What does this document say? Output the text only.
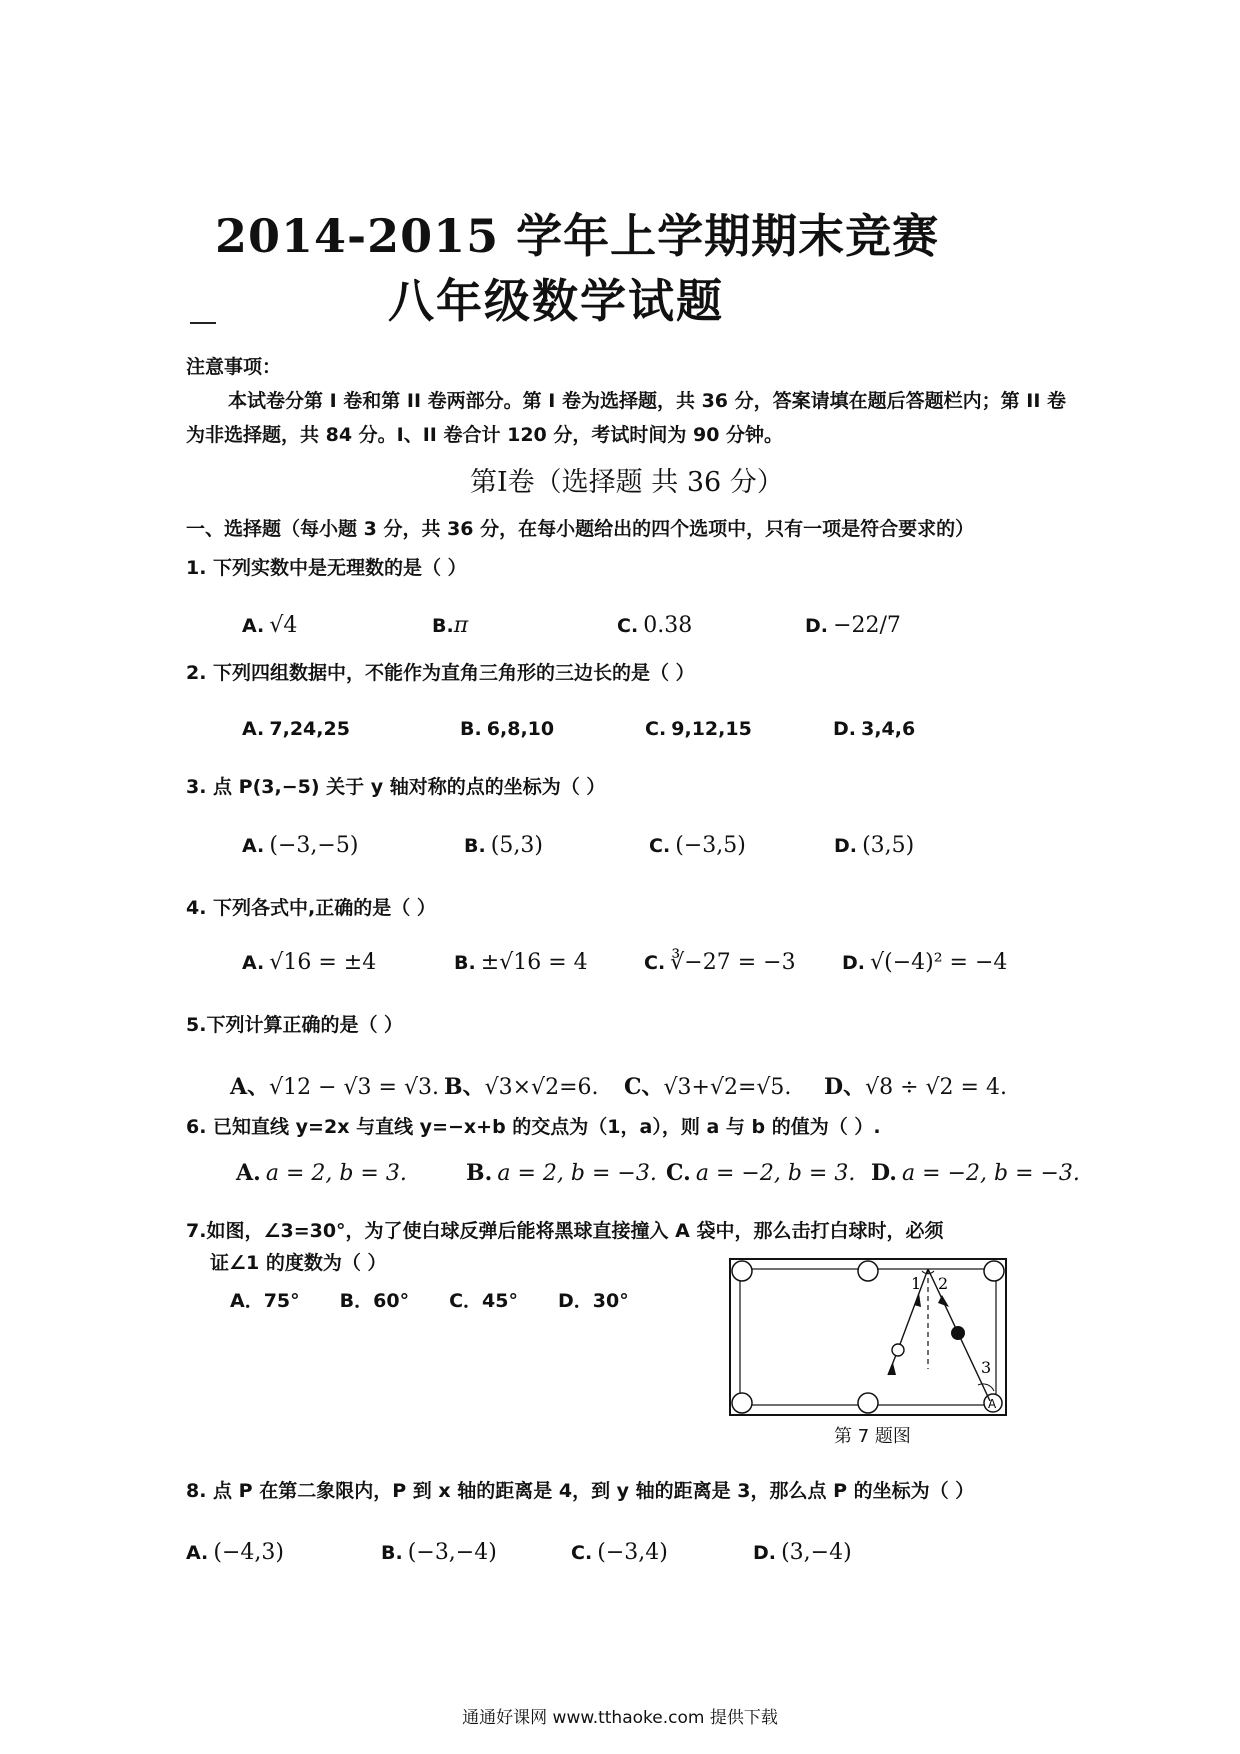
2014-2015 学年上学期期末竞赛
八年级数学试题
注意事项：
本试卷分第 I 卷和第 II 卷两部分。第 I 卷为选择题，共 36 分，答案请填在题后答题栏内；第 II 卷为非选择题，共 84 分。I、II 卷合计 120 分，考试时间为 90 分钟。
第Ⅰ卷（选择题 共 36 分）
一、选择题（每小题 3 分，共 36 分，在每小题给出的四个选项中，只有一项是符合要求的）
1. 下列实数中是无理数的是（ ）
A. √4	B.π	C. 0.38	D. −22/7
2. 下列四组数据中，不能作为直角三角形的三边长的是（ ）
A. 7,24,25	B. 6,8,10	C. 9,12,15	D. 3,4,6
3. 点 P(3,−5) 关于 y 轴对称的点的坐标为（ ）
A. (−3,−5)	B. (5,3)	C. (−3,5)	D. (3,5)
4. 下列各式中,正确的是（ ）
A. √16 = ±4	B. ±√16 = 4	C. ∛−27 = −3	D. √(−4)² = −4
5.下列计算正确的是（ ）
A、√12 − √3 = √3. B、√3×√2=6.	C、√3+√2=√5.	D、√8 ÷ √2 = 4.
6. 已知直线 y=2x 与直线 y=−x+b 的交点为（1，a），则 a 与 b 的值为（ ）.
A. a = 2, b = 3.	B. a = 2, b = −3. C. a = −2, b = 3. D. a = −2, b = −3.
7.如图，∠3=30°，为了使白球反弹后能将黑球直接撞入 A 袋中，那么击打白球时，必须
证∠1 的度数为（ ）
A．75° B．60° C．45° D．30°
1 2
3
A
第 7 题图
8. 点 P 在第二象限内，P 到 x 轴的距离是 4，到 y 轴的距离是 3，那么点 P 的坐标为（ ）
A. (−4,3)	B. (−3,−4)	C. (−3,4)	D. (3,−4)
通通好课网 www.tthaoke.com 提供下载
